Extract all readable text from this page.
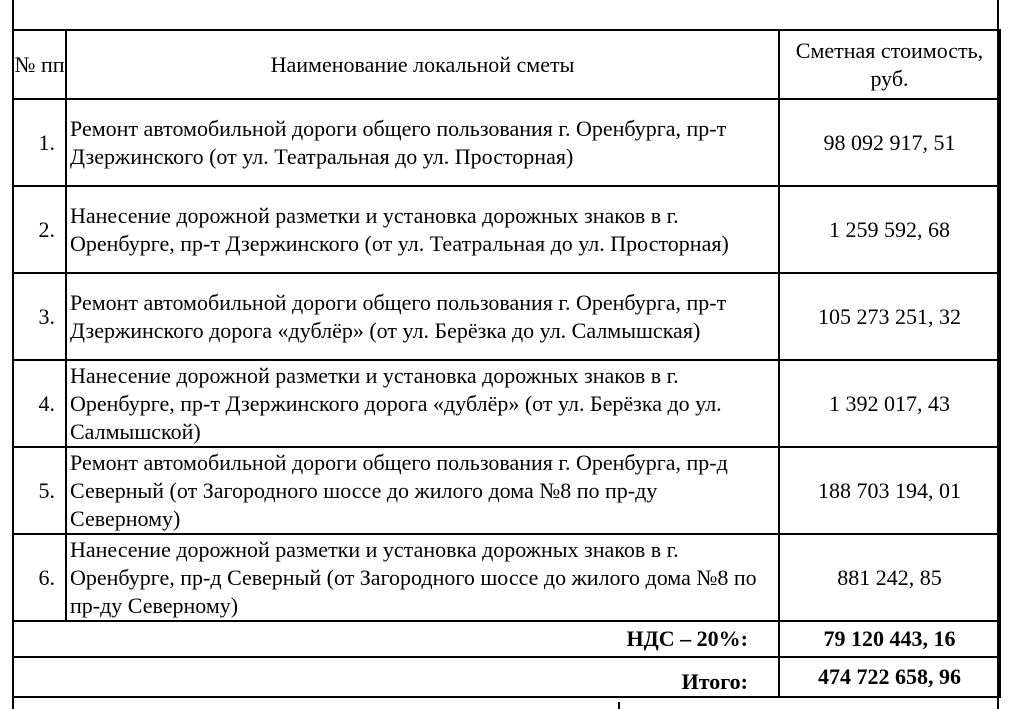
№ пп	Наименование локальной сметы	Сметная стоимость, руб.
1.	Ремонт автомобильной дороги общего пользования г. Оренбурга, пр-т Дзержинского (от ул. Театральная до ул. Просторная)	98 092 917, 51
2.	Нанесение дорожной разметки и установка дорожных знаков в г. Оренбурге, пр-т Дзержинского (от ул. Театральная до ул. Просторная)	1 259 592, 68
3.	Ремонт автомобильной дороги общего пользования г. Оренбурга, пр-т Дзержинского дорога «дублёр» (от ул. Берёзка до ул. Салмышская)	105 273 251, 32
4.	Нанесение дорожной разметки и установка дорожных знаков в г. Оренбурге, пр-т Дзержинского дорога «дублёр» (от ул. Берёзка до ул. Салмышской)	1 392 017, 43
5.	Ремонт автомобильной дороги общего пользования г. Оренбурга, пр-д Северный (от Загородного шоссе до жилого дома №8 по пр-ду Северному)	188 703 194, 01
6.	Нанесение дорожной разметки и установка дорожных знаков в г. Оренбурге, пр-д Северный (от Загородного шоссе до жилого дома №8 по пр-ду Северному)	881 242, 85
НДС – 20%:		79 120 443, 16
Итого:		474 722 658, 96
